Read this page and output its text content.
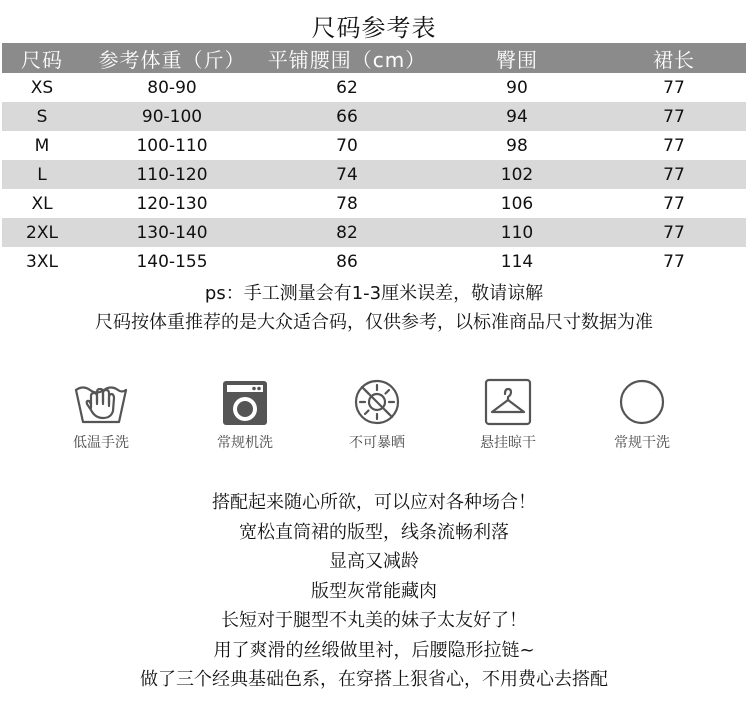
尺码参考表
尺码	参考体重（斤）	平铺腰围（cm）	臀围	裙长
XS	80-90	62	90	77
S	90-100	66	94	77
M	100-110	70	98	77
L	110-120	74	102	77
XL	120-130	78	106	77
2XL	130-140	82	110	77
3XL	140-155	86	114	77
ps：手工测量会有1-3厘米误差，敬请谅解
尺码按体重推荐的是大众适合码，仅供参考，以标准商品尺寸数据为准
低温手洗	常规机洗	不可暴晒	悬挂晾干	常规干洗
搭配起来随心所欲，可以应对各种场合！
宽松直筒裙的版型，线条流畅利落
显高又减龄
版型灰常能藏肉
长短对于腿型不丸美的妹子太友好了！
用了爽滑的丝缎做里衬，后腰隐形拉链~
做了三个经典基础色系，在穿搭上狠省心，不用费心去搭配
